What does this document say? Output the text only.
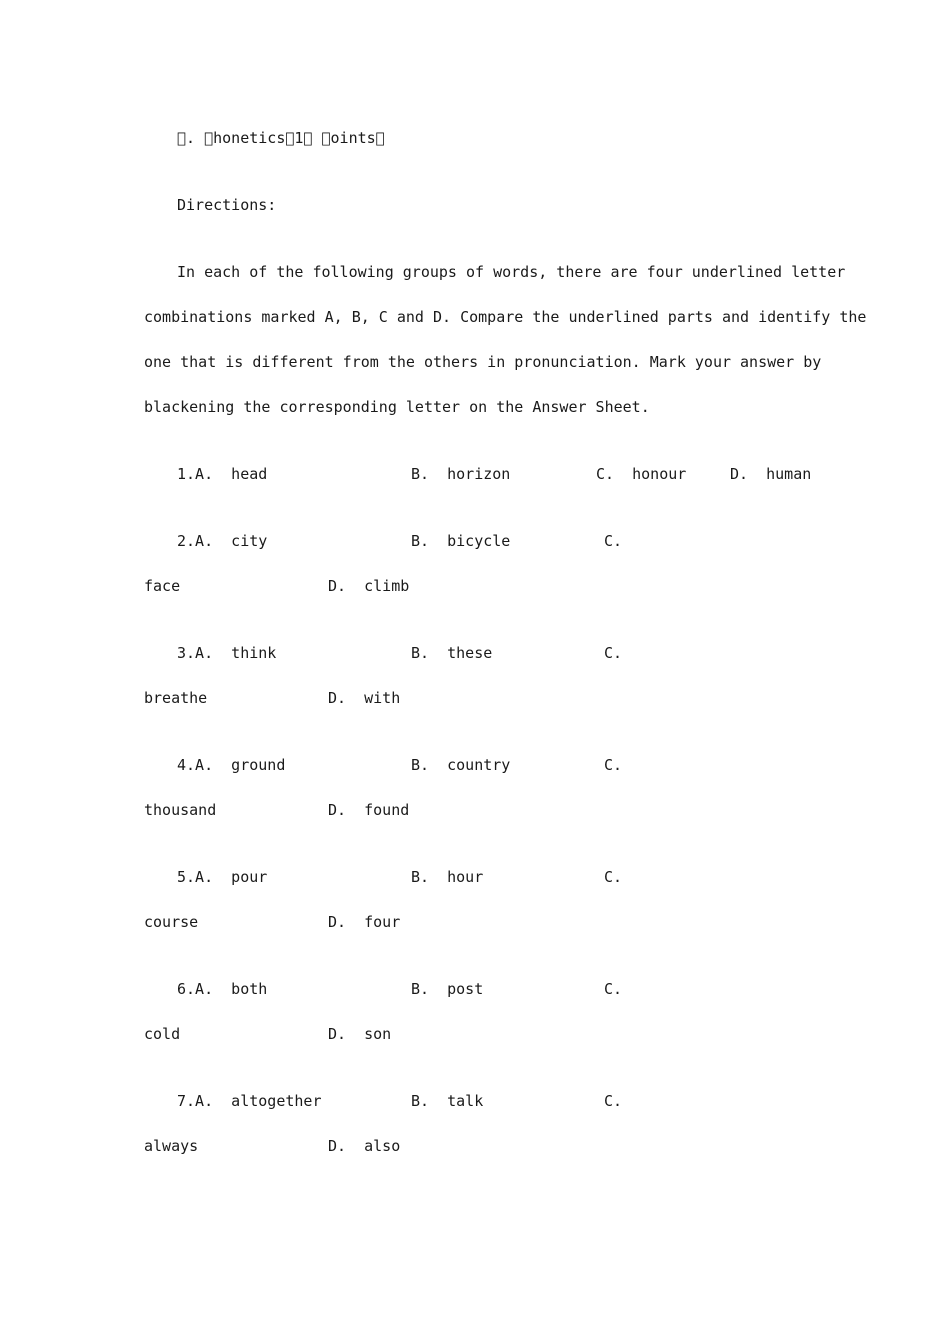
 .  honetics 1   oints 
Directions:
In each of the following groups of words, there are four underlined letter
combinations marked A, B, C and D. Compare the underlined parts and identify the
one that is different from the others in pronunciation. Mark your answer by
blackening the corresponding letter on the Answer Sheet.
1.A.  head	B.  horizon	C.  honour	D.  human
2.A.  city	B.  bicycle	C.
face	D.  climb
3.A.  think	B.  these	C.
breathe	D.  with
4.A.  ground	B.  country	C.
thousand	D.  found
5.A.  pour	B.  hour	C.
course	D.  four
6.A.  both	B.  post	C.
cold	D.  son
7.A.  altogether	B.  talk	C.
always	D.  also
